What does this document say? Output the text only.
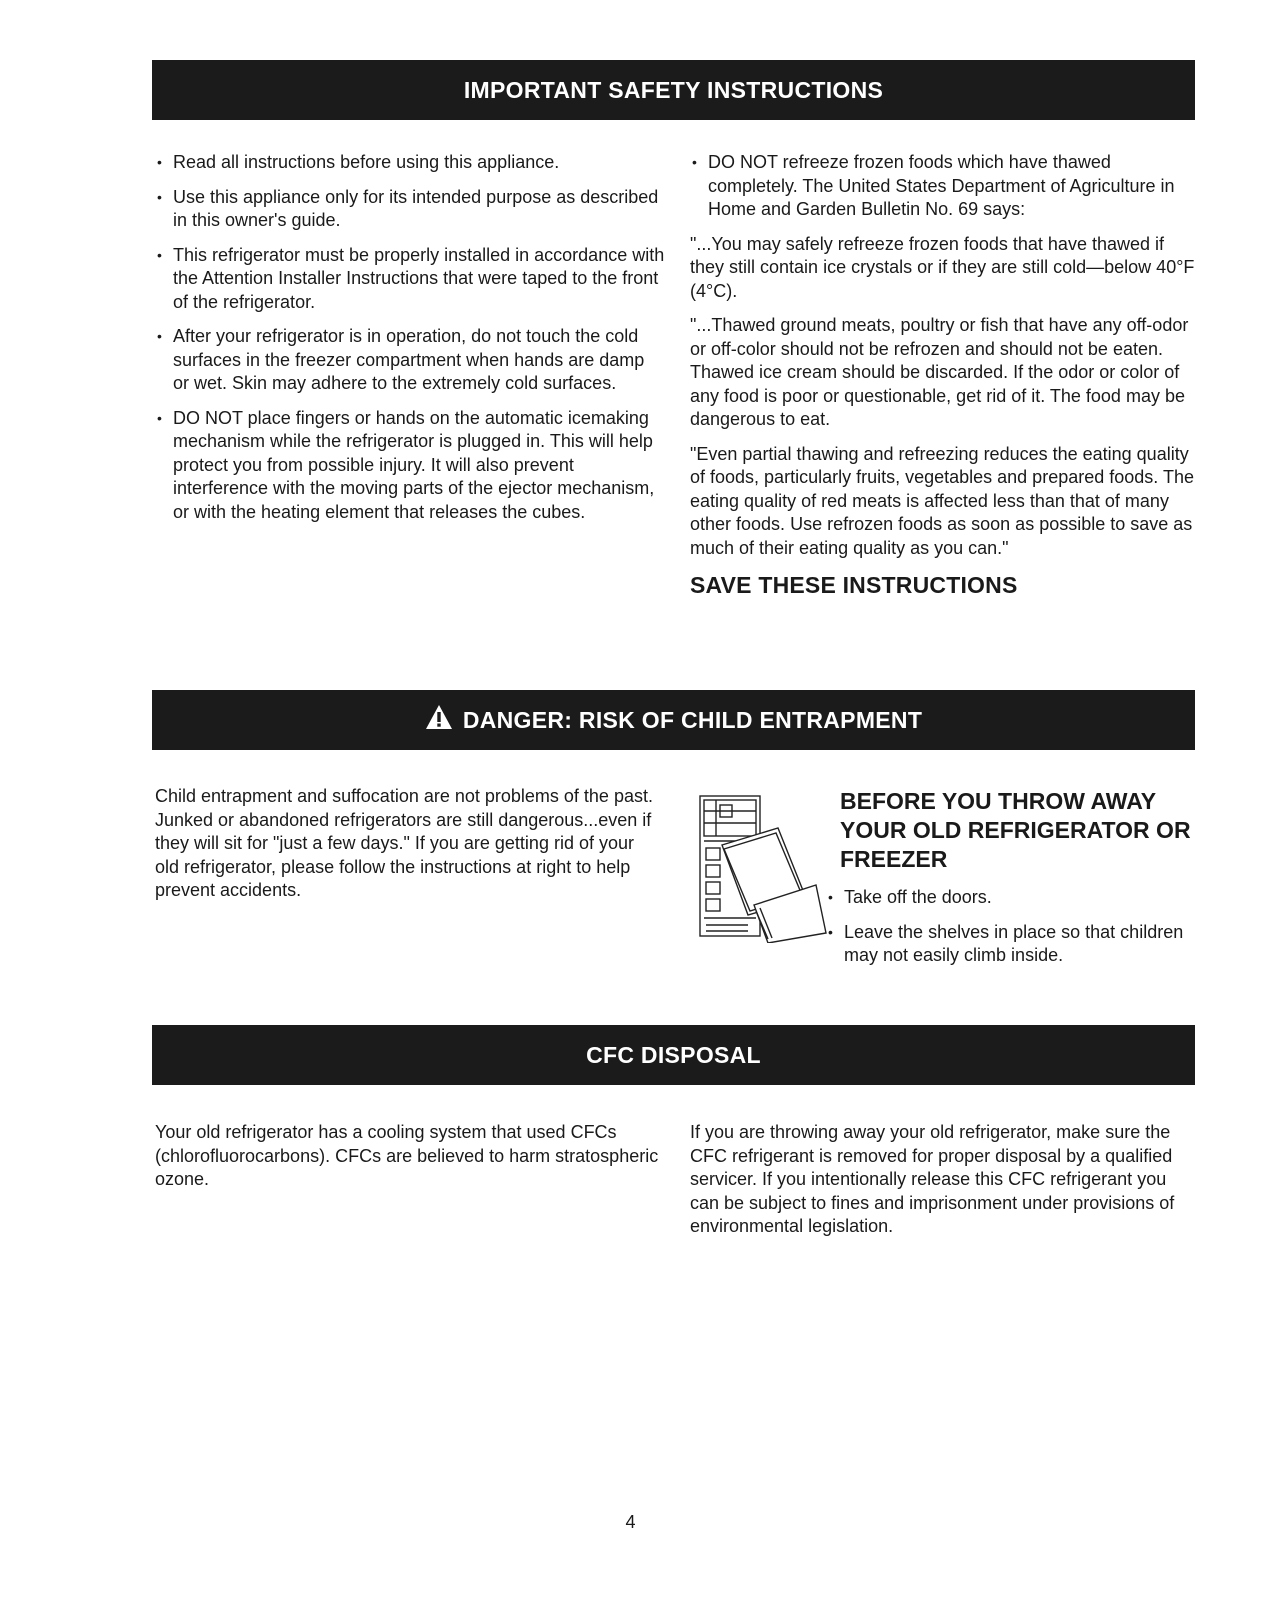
IMPORTANT SAFETY INSTRUCTIONS
• Read all instructions before using this appliance.
• Use this appliance only for its intended purpose as described in this owner's guide.
• This refrigerator must be properly installed in accordance with the Attention Installer Instructions that were taped to the front of the refrigerator.
• After your refrigerator is in operation, do not touch the cold surfaces in the freezer compartment when hands are damp or wet. Skin may adhere to the extremely cold surfaces.
• DO NOT place fingers or hands on the automatic icemaking mechanism while the refrigerator is plugged in. This will help protect you from possible injury. It will also prevent interference with the moving parts of the ejector mechanism, or with the heating element that releases the cubes.
• DO NOT refreeze frozen foods which have thawed completely. The United States Department of Agriculture in Home and Garden Bulletin No. 69 says:

"...You may safely refreeze frozen foods that have thawed if they still contain ice crystals or if they are still cold—below 40°F (4°C).

"...Thawed ground meats, poultry or fish that have any off-odor or off-color should not be refrozen and should not be eaten. Thawed ice cream should be discarded. If the odor or color of any food is poor or questionable, get rid of it. The food may be dangerous to eat.

"Even partial thawing and refreezing reduces the eating quality of foods, particularly fruits, vegetables and prepared foods. The eating quality of red meats is affected less than that of many other foods. Use refrozen foods as soon as possible to save as much of their eating quality as you can."

SAVE THESE INSTRUCTIONS
DANGER: RISK OF CHILD ENTRAPMENT

Child entrapment and suffocation are not problems of the past. Junked or abandoned refrigerators are still dangerous...even if they will sit for "just a few days." If you are getting rid of your old refrigerator, please follow the instructions at right to help prevent accidents.

BEFORE YOU THROW AWAY YOUR OLD REFRIGERATOR OR FREEZER
• Take off the doors.
• Leave the shelves in place so that children may not easily climb inside.
CFC DISPOSAL

Your old refrigerator has a cooling system that used CFCs (chlorofluorocarbons). CFCs are believed to harm stratospheric ozone.

If you are throwing away your old refrigerator, make sure the CFC refrigerant is removed for proper disposal by a qualified servicer. If you intentionally release this CFC refrigerant you can be subject to fines and imprisonment under provisions of environmental legislation.

4
